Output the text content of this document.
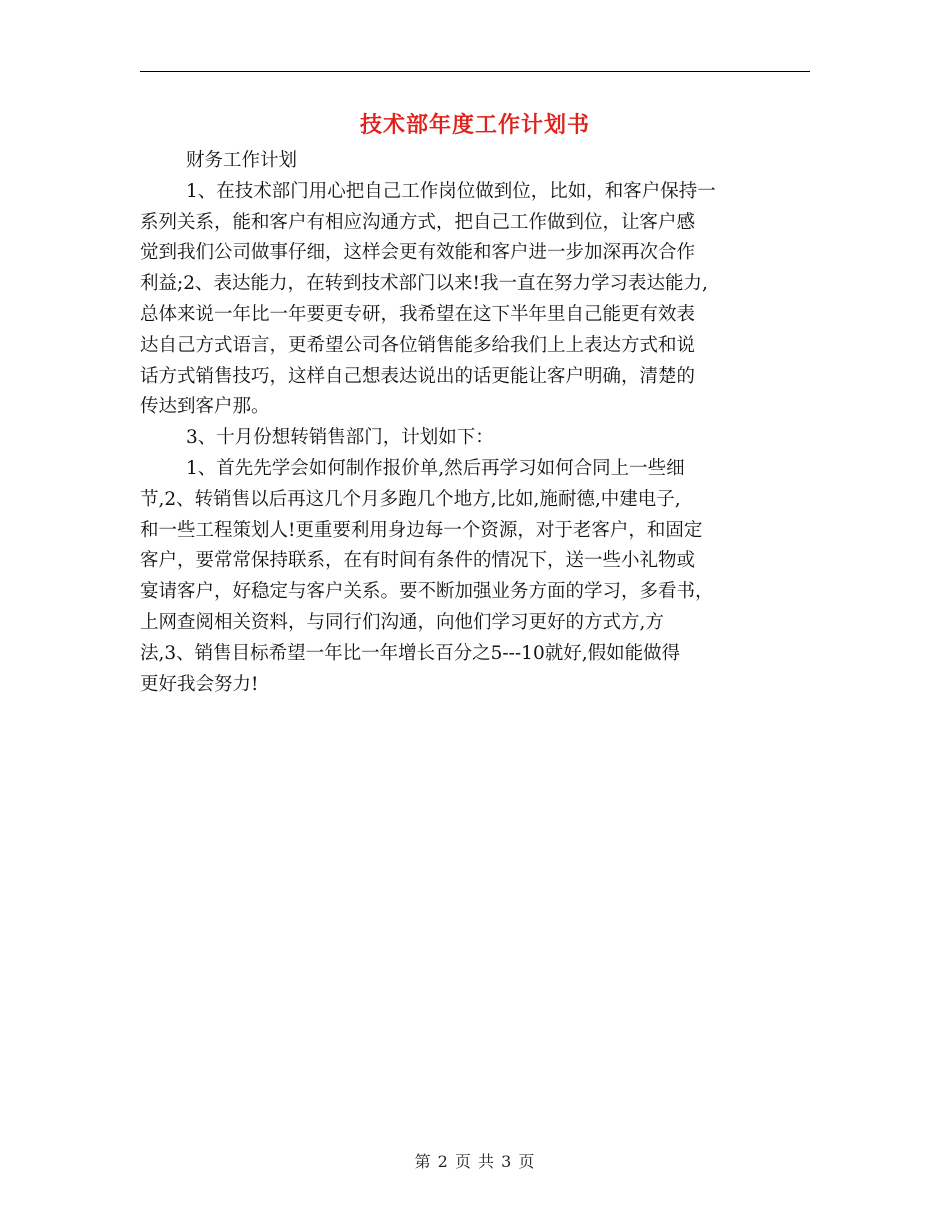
技术部年度工作计划书
财务工作计划
1、在技术部门用心把自己工作岗位做到位，比如，和客户保持一
系列关系，能和客户有相应沟通方式，把自己工作做到位，让客户感
觉到我们公司做事仔细，这样会更有效能和客户进一步加深再次合作
利益;2、表达能力，在转到技术部门以来!我一直在努力学习表达能力,
总体来说一年比一年要更专研，我希望在这下半年里自己能更有效表
达自己方式语言，更希望公司各位销售能多给我们上上表达方式和说
话方式销售技巧，这样自己想表达说出的话更能让客户明确，清楚的
传达到客户那。
3、十月份想转销售部门，计划如下：
1、首先先学会如何制作报价单,然后再学习如何合同上一些细
节,2、转销售以后再这几个月多跑几个地方,比如,施耐德,中建电子,
和一些工程策划人!更重要利用身边每一个资源，对于老客户，和固定
客户，要常常保持联系，在有时间有条件的情况下，送一些小礼物或
宴请客户，好稳定与客户关系。要不断加强业务方面的学习，多看书，
上网查阅相关资料，与同行们沟通，向他们学习更好的方式方,方
法,3、销售目标希望一年比一年增长百分之5---10就好,假如能做得
更好我会努力!
第 2 页 共 3 页
